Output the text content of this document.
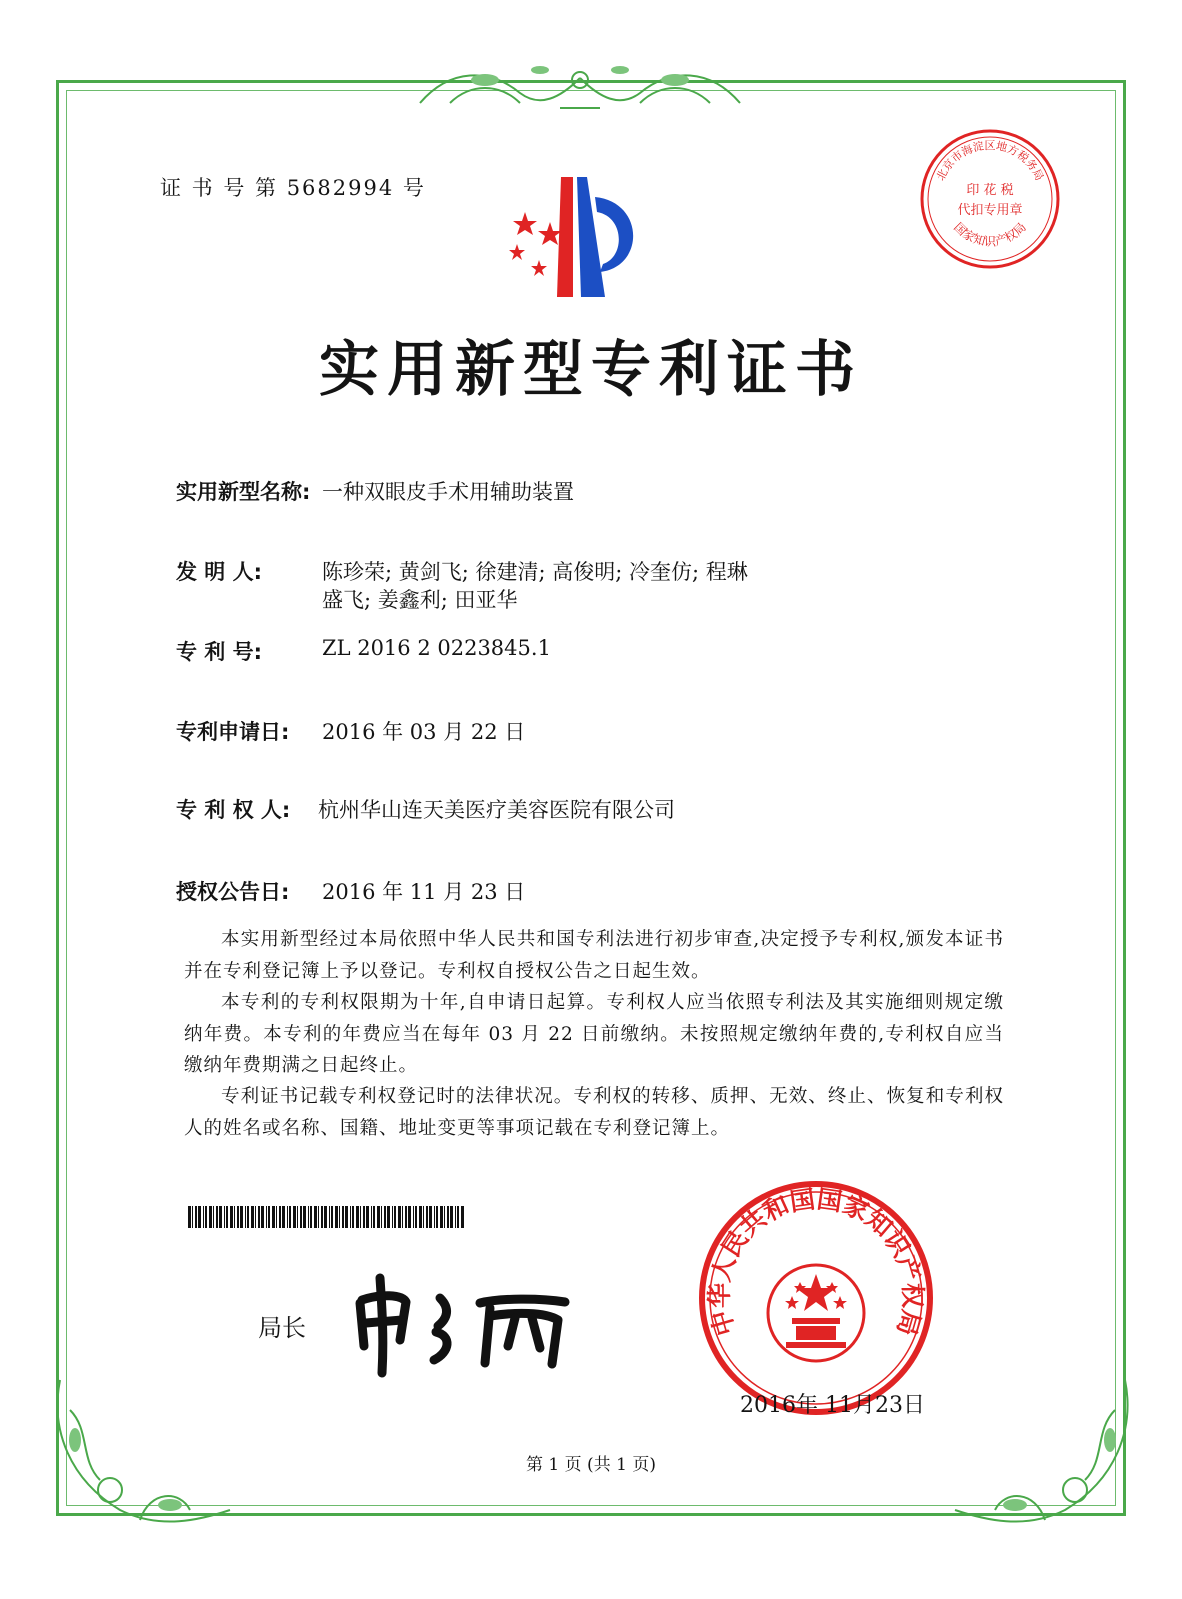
证 书 号 第 5682994 号
北京市海淀区地方税务局
国家知识产权局
印 花 税
代扣专用章
实用新型专利证书
实用新型名称: 一种双眼皮手术用辅助装置
发 明 人:	陈珍荣; 黄剑飞; 徐建清; 高俊明; 冷奎仿; 程琳
盛飞; 姜鑫利; 田亚华
专 利 号:	ZL 2016 2 0223845.1
专利申请日: 2016 年 03 月 22 日
专 利 权 人: 杭州华山连天美医疗美容医院有限公司
授权公告日: 2016 年 11 月 23 日
本实用新型经过本局依照中华人民共和国专利法进行初步审查,决定授予专利权,颁发本证书并在专利登记簿上予以登记。专利权自授权公告之日起生效。
本专利的专利权限期为十年,自申请日起算。专利权人应当依照专利法及其实施细则规定缴纳年费。本专利的年费应当在每年 03 月 22 日前缴纳。未按照规定缴纳年费的,专利权自应当缴纳年费期满之日起终止。
专利证书记载专利权登记时的法律状况。专利权的转移、质押、无效、终止、恢复和专利权人的姓名或名称、国籍、地址变更等事项记载在专利登记簿上。
局长	中华人民共和国国家知识产权局
2016年 11月23日
第 1 页 (共 1 页)
